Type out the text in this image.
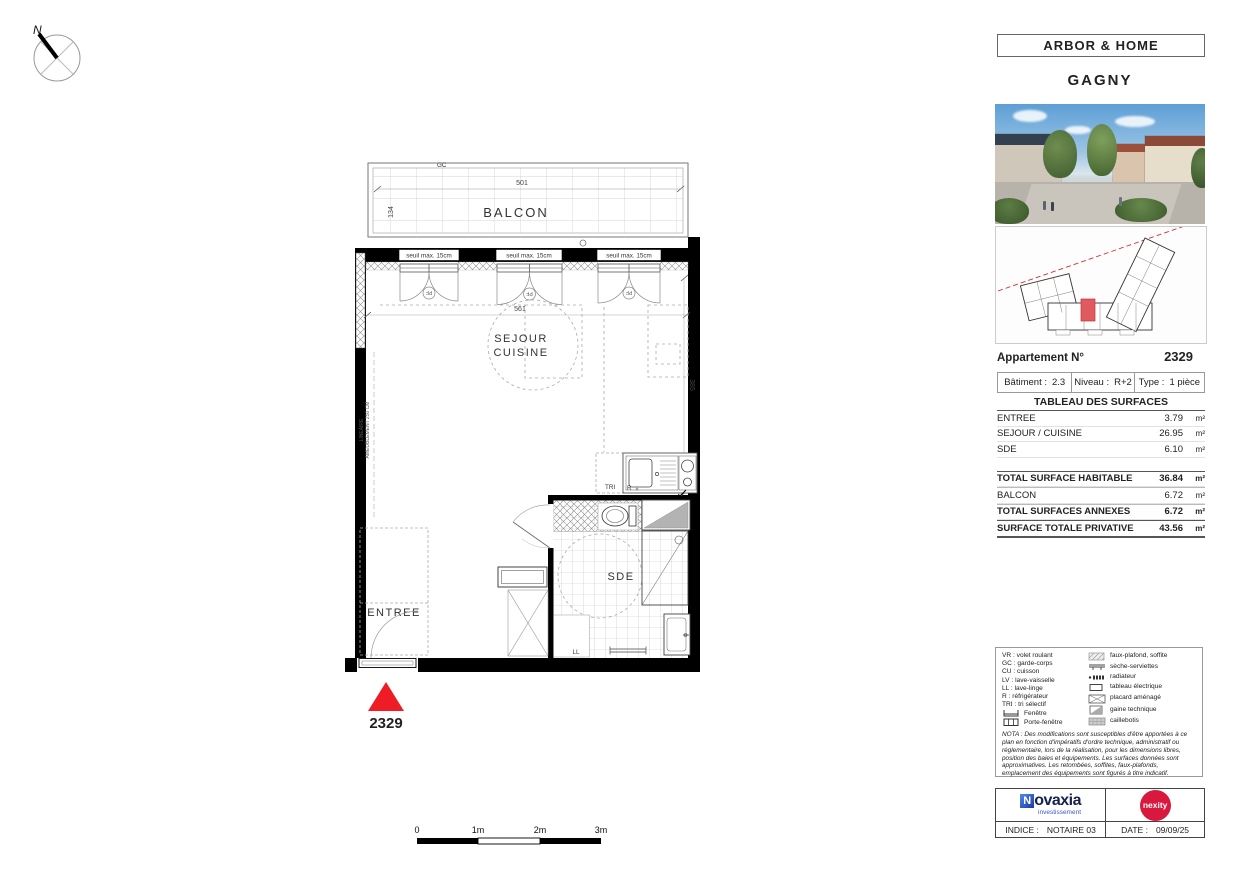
N
501
134
GC
BALCON
seuil max. 15cm	seuil max. 15cm	seuil max. 15cm
PF	PF	PF
561
385
SEJOUR
CUISINE
LINEAIRE AMEUBLEMENT 250 CM
TRI R
LL
SDE
ENTREE
2329
0	1m	2m	3m
ARBOR & HOME
GAGNY
Appartement N°	2329
Bâtiment : 2.3 Niveau : R+2 Type : 1 pièce
TABLEAU DES SURFACES
ENTREE	3.79	m²
SEJOUR / CUISINE	26.95	m²
SDE	6.10	m²
TOTAL SURFACE HABITABLE	36.84	m²
BALCON	6.72	m²
TOTAL SURFACES ANNEXES	6.72	m²
SURFACE TOTALE PRIVATIVE	43.56	m²
VR : volet roulant
GC : garde-corps
CU : cuisson
LV : lave-vaisselle
LL : lave-linge
R : réfrigérateur
TRI : tri sélectif
Fenêtre
Porte-fenêtre
faux-plafond, soffite
sèche-serviettes
radiateur
tableau électrique
placard aménagé
gaine technique
caillebotis
NOTA : Des modifications sont susceptibles d'être apportées à ce plan en fonction d'impératifs d'ordre technique, administratif ou réglementaire, lors de la réalisation, pour les dimensions libres, position des baies et équipements. Les surfaces données sont approximatives. Les retombées, soffites, faux-plafonds, emplacement des équipements sont figurés à titre indicatif.
N ovaxia
investissement
nexity
INDICE : NOTAIRE 03	DATE : 09/09/25
